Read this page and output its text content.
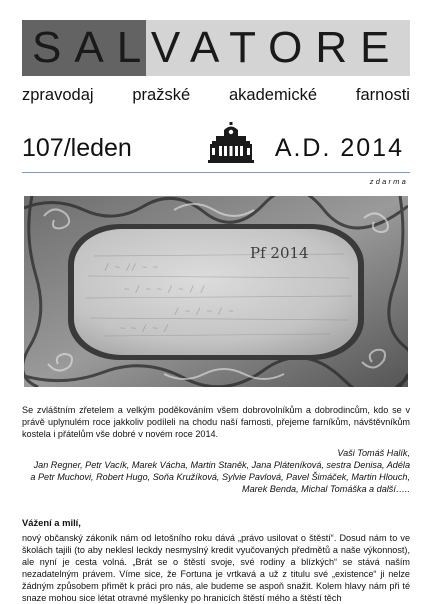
SALVATORE
zpravodaj pražské akademické farnosti
107/leden	A.D. 2014
zdarma
/ ~ // ~ ~
~ / ~ ~ / ~ / /
/ ~ / ~ / ~
~ ~ / ~ /
Pf 2014
Se zvláštním zřetelem a velkým poděkováním všem dobrovolníkům a dobrodincům, kdo se v právě uplynulém roce jakkoliv podíleli na chodu naší farnosti, přejeme farníkům, návštěvníkům kostela i přátelům vše dobré v novém roce 2014.
Vaši Tomáš Halík,
Jan Regner, Petr Vacík, Marek Vácha, Martin Staněk, Jana Pláteníková, sestra Denisa, Adéla
a Petr Muchovi, Robert Hugo, Soňa Kružíková, Sylvie Pavlová, Pavel Šimáček, Martin Hlouch,
Marek Benda, Michal Tomáška a další…..
Vážení a milí,
nový občanský zákoník nám od letošního roku dává „právo usilovat o štěstí“. Dosud nám to ve školách tajili (to aby neklesl leckdy nesmyslný kredit vyučovaných předmětů a naše výkonnost), ale nyní je cesta volná. „Brát se o štěstí svoje, své rodiny a blízkých“ se stává naším nezadatelným právem. Víme sice, že Fortuna je vrtkavá a už z titulu své „existence“ ji nelze žádným způsobem přimět k práci pro nás, ale budeme se aspoň snažit. Kolem hlavy nám při té snaze mohou sice létat otravné myšlenky po hranicích štěstí mého a štěstí těch
